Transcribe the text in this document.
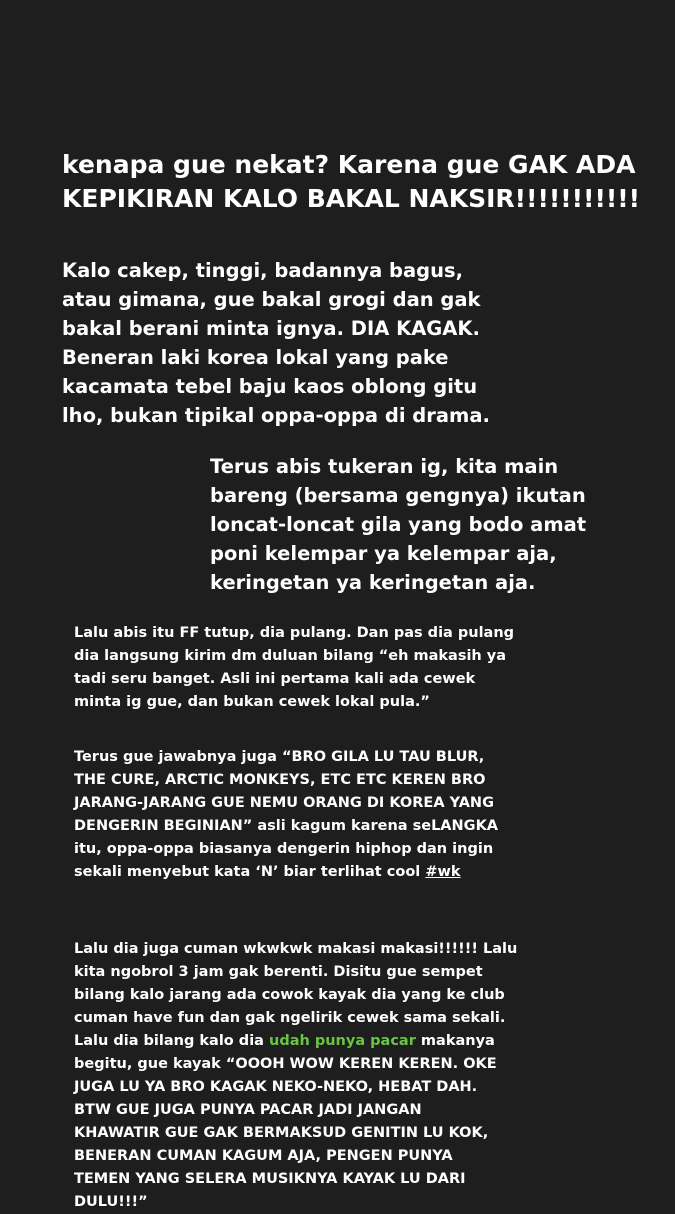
kenapa gue nekat? Karena gue GAK ADA
KEPIKIRAN KALO BAKAL NAKSIR!!!!!!!!!!!
Kalo cakep, tinggi, badannya bagus,
atau gimana, gue bakal grogi dan gak
bakal berani minta ignya. DIA KAGAK.
Beneran laki korea lokal yang pake
kacamata tebel baju kaos oblong gitu
lho, bukan tipikal oppa-oppa di drama.
Terus abis tukeran ig, kita main
bareng (bersama gengnya) ikutan
loncat-loncat gila yang bodo amat
poni kelempar ya kelempar aja,
keringetan ya keringetan aja.
Lalu abis itu FF tutup, dia pulang. Dan pas dia pulang
dia langsung kirim dm duluan bilang “eh makasih ya
tadi seru banget. Asli ini pertama kali ada cewek
minta ig gue, dan bukan cewek lokal pula.”
Terus gue jawabnya juga “BRO GILA LU TAU BLUR,
THE CURE, ARCTIC MONKEYS, ETC ETC KEREN BRO
JARANG-JARANG GUE NEMU ORANG DI KOREA YANG
DENGERIN BEGINIAN” asli kagum karena seLANGKA
itu, oppa-oppa biasanya dengerin hiphop dan ingin
sekali menyebut kata ‘N’ biar terlihat cool #wk
Lalu dia juga cuman wkwkwk makasi makasi!!!!!! Lalu
kita ngobrol 3 jam gak berenti. Disitu gue sempet
bilang kalo jarang ada cowok kayak dia yang ke club
cuman have fun dan gak ngelirik cewek sama sekali.
Lalu dia bilang kalo dia udah punya pacar makanya
begitu, gue kayak “OOOH WOW KEREN KEREN. OKE
JUGA LU YA BRO KAGAK NEKO-NEKO, HEBAT DAH.
BTW GUE JUGA PUNYA PACAR JADI JANGAN
KHAWATIR GUE GAK BERMAKSUD GENITIN LU KOK,
BENERAN CUMAN KAGUM AJA, PENGEN PUNYA
TEMEN YANG SELERA MUSIKNYA KAYAK LU DARI
DULU!!!”
